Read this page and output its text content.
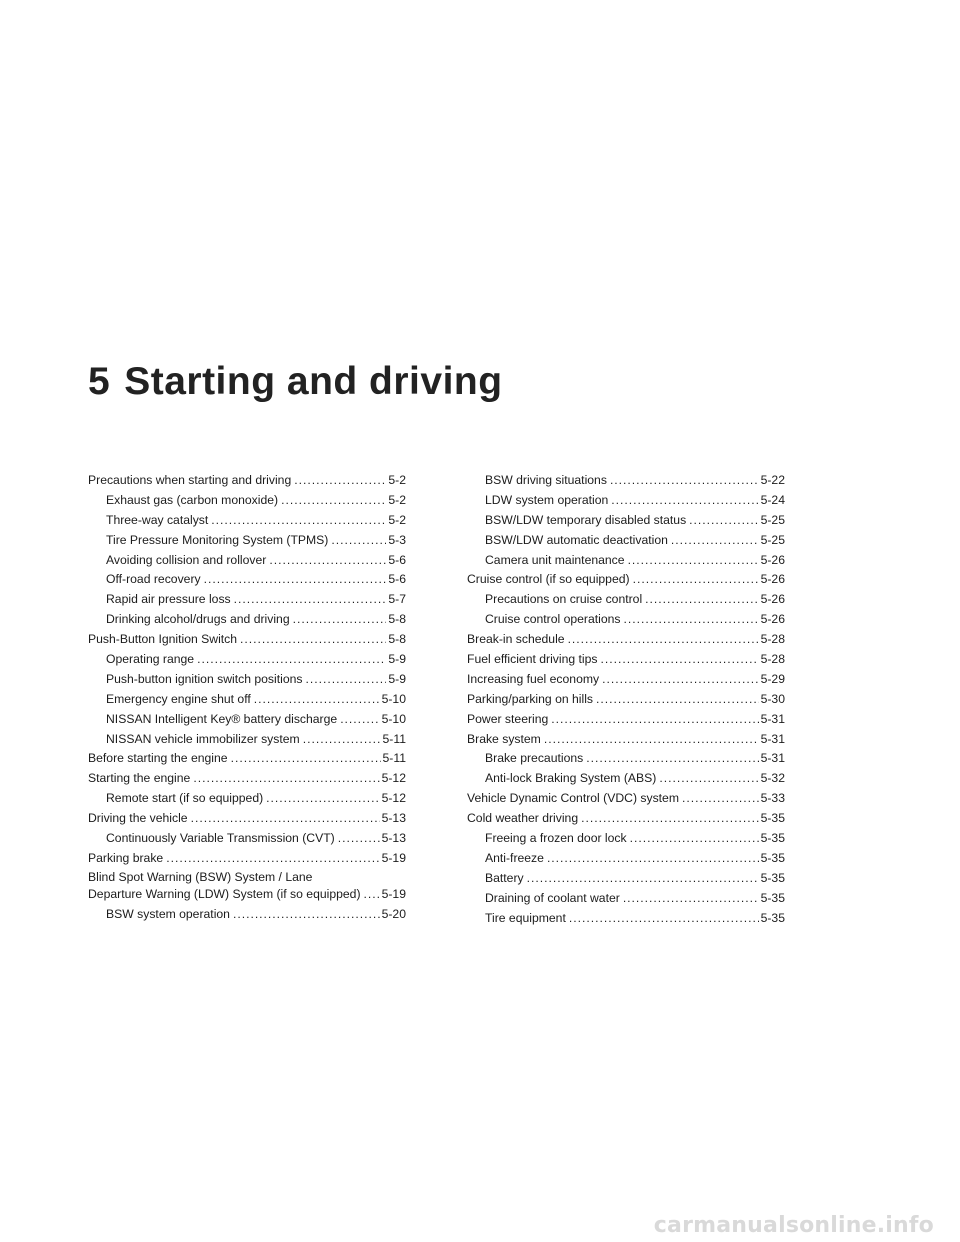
5 Starting and driving
Precautions when starting and driving . . .	5-2
Exhaust gas (carbon monoxide) . . .	5-2
Three-way catalyst . . .	5-2
Tire Pressure Monitoring System (TPMS) . . .	5-3
Avoiding collision and rollover . . .	5-6
Off-road recovery . . .	5-6
Rapid air pressure loss . . .	5-7
Drinking alcohol/drugs and driving . . .	5-8
Push-Button Ignition Switch . . .	5-8
Operating range . . .	5-9
Push-button ignition switch positions . . .	5-9
Emergency engine shut off . . .	5-10
NISSAN Intelligent Key® battery discharge . . .	5-10
NISSAN vehicle immobilizer system . . .	5-11
Before starting the engine . . .	5-11
Starting the engine . . .	5-12
Remote start (if so equipped) . . .	5-12
Driving the vehicle . . .	5-13
Continuously Variable Transmission (CVT) . . .	5-13
Parking brake . . .	5-19
Blind Spot Warning (BSW) System / Lane
Departure Warning (LDW) System (if so equipped) . . . 5-19
BSW system operation . . .	5-20
BSW driving situations . . .	5-22
LDW system operation . . .	5-24
BSW/LDW temporary disabled status . . .	5-25
BSW/LDW automatic deactivation . . .	5-25
Camera unit maintenance . . .	5-26
Cruise control (if so equipped) . . .	5-26
Precautions on cruise control . . .	5-26
Cruise control operations . . .	5-26
Break-in schedule . . .	5-28
Fuel efficient driving tips . . .	5-28
Increasing fuel economy . . .	5-29
Parking/parking on hills . . .	5-30
Power steering . . .	5-31
Brake system . . .	5-31
Brake precautions . . .	5-31
Anti-lock Braking System (ABS) . . .	5-32
Vehicle Dynamic Control (VDC) system . . .	5-33
Cold weather driving . . .	5-35
Freeing a frozen door lock . . .	5-35
Anti-freeze . . .	5-35
Battery . . .	5-35
Draining of coolant water . . .	5-35
Tire equipment . . .	5-35
carmanualsonline.info
